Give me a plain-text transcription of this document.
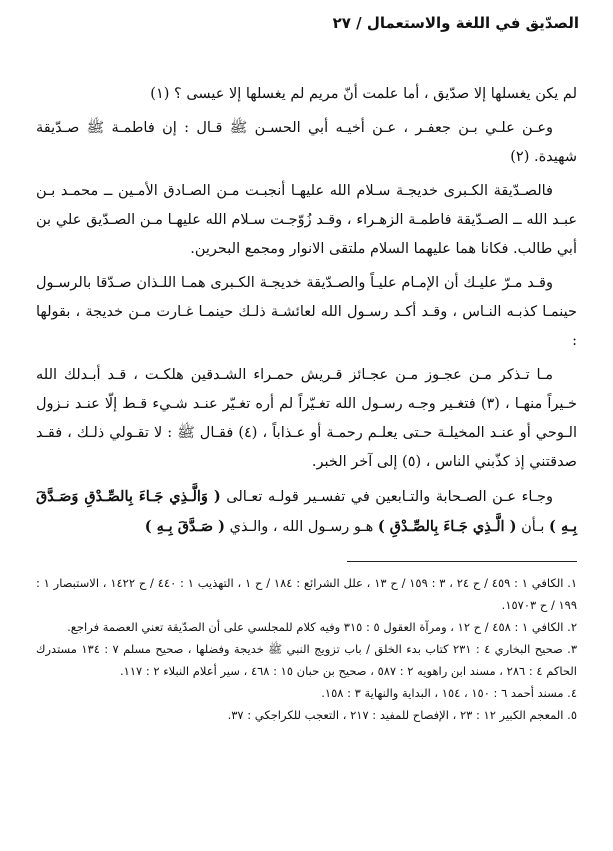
الصدّيق في اللغة والاستعمال / ٢٧

لم يكن يغسلها إلا صدّيق ، أما علمت أنّ مريم لم يغسلها إلا عيسى ؟ (١)

وعـن علـي بـن جعفـر ، عـن أخيـه أبي الحسـن ﷺ قـال : إن فاطمـة ﷺ صـدّيقة شهيدة. (٢)

فالصـدّيقة الكـبرى خديجـة سـلام الله عليهـا أنجبـت مـن الصـادق الأمـين ــ محمـد بـن عبـد الله ــ الصـدّيقة فاطمـة الزهـراء ، وقـد زُوّجـت سـلام الله عليهـا مـن الصـدّيق علي بن أبي طالب. فكانا هما عليهما السلام ملتقى الانوار ومجمع البحرين.

وقـد مـرّ عليـك أن الإمـام عليـاً والصـدّيقة خديجـة الكـبرى همـا اللـذان صـدّقا بالرسـول حينمـا كذبـه النـاس ، وقـد أكـد رسـول الله لعائشـة ذلـك حينمـا غـارت مـن خديجة ، بقولها :

مـا تـذكر مـن عجـوز مـن عجـائز قـريش حمـراء الشـدقين هلكـت ، قـد أبـدلك الله خـيراً منهـا ، (٣) فتغـير وجـه رسـول الله تغـيّراً لم أره تغـيّر عنـد شـيء قـط إلّا عنـد نـزول الـوحي أو عنـد المخيلـة حـتى يعلـم رحمـة أو عـذاباً ، (٤) فقـال ﷺ : لا تقـولي ذلـك ، فقـد صدقتني إذ كذّبني الناس ، (٥) إلى آخر الخبر.

وجـاء عـن الصـحابة والتـابعين في تفسـير قولـه تعـالى ( وَالَّـذِي جَـاءَ بِالصِّـدْقِ وَصَـدَّقَ بِـهِ ) بـأن ( الَّـذِي جَـاءَ بِالصِّـدْقِ ) هـو رسـول الله ، والـذي ( صَـدَّقَ بِـهِ )

١. الكافي ١ : ٤٥٩ / ح ٢٤ ، ٣ : ١٥٩ / ح ١٣ ، علل الشرائع : ١٨٤ / ح ١ ، التهذيب ١ : ٤٤٠ / ح ١٤٢٢ ، الاستبصار ١ : ١٩٩ / ح ١٥٧٠٣.
٢. الكافي ١ : ٤٥٨ / ح ١٢ ، ومرآة العقول ٥ : ٣١٥ وفيه كلام للمجلسي على أن الصدّيقة تعني العصمة فراجع.
٣. صحيح البخاري ٤ : ٢٣١ كتاب بدء الخلق / باب تزويج النبي ﷺ خديجة وفضلها ، صحيح مسلم ٧ : ١٣٤ مستدرك الحاكم ٤ : ٢٨٦ ، مسند ابن راهويه ٢ : ٥٨٧ ، صحيح بن حبان ١٥ : ٤٦٨ ، سير أعلام النبلاء ٢ : ١١٧.
٤. مسند أحمد ٦ : ١٥٠ ، ١٥٤ ، البداية والنهاية ٣ : ١٥٨.
٥. المعجم الكبير ١٢ : ٢٣ ، الإفصاح للمفيد : ٢١٧ ، التعجب للكراجكي : ٣٧.
